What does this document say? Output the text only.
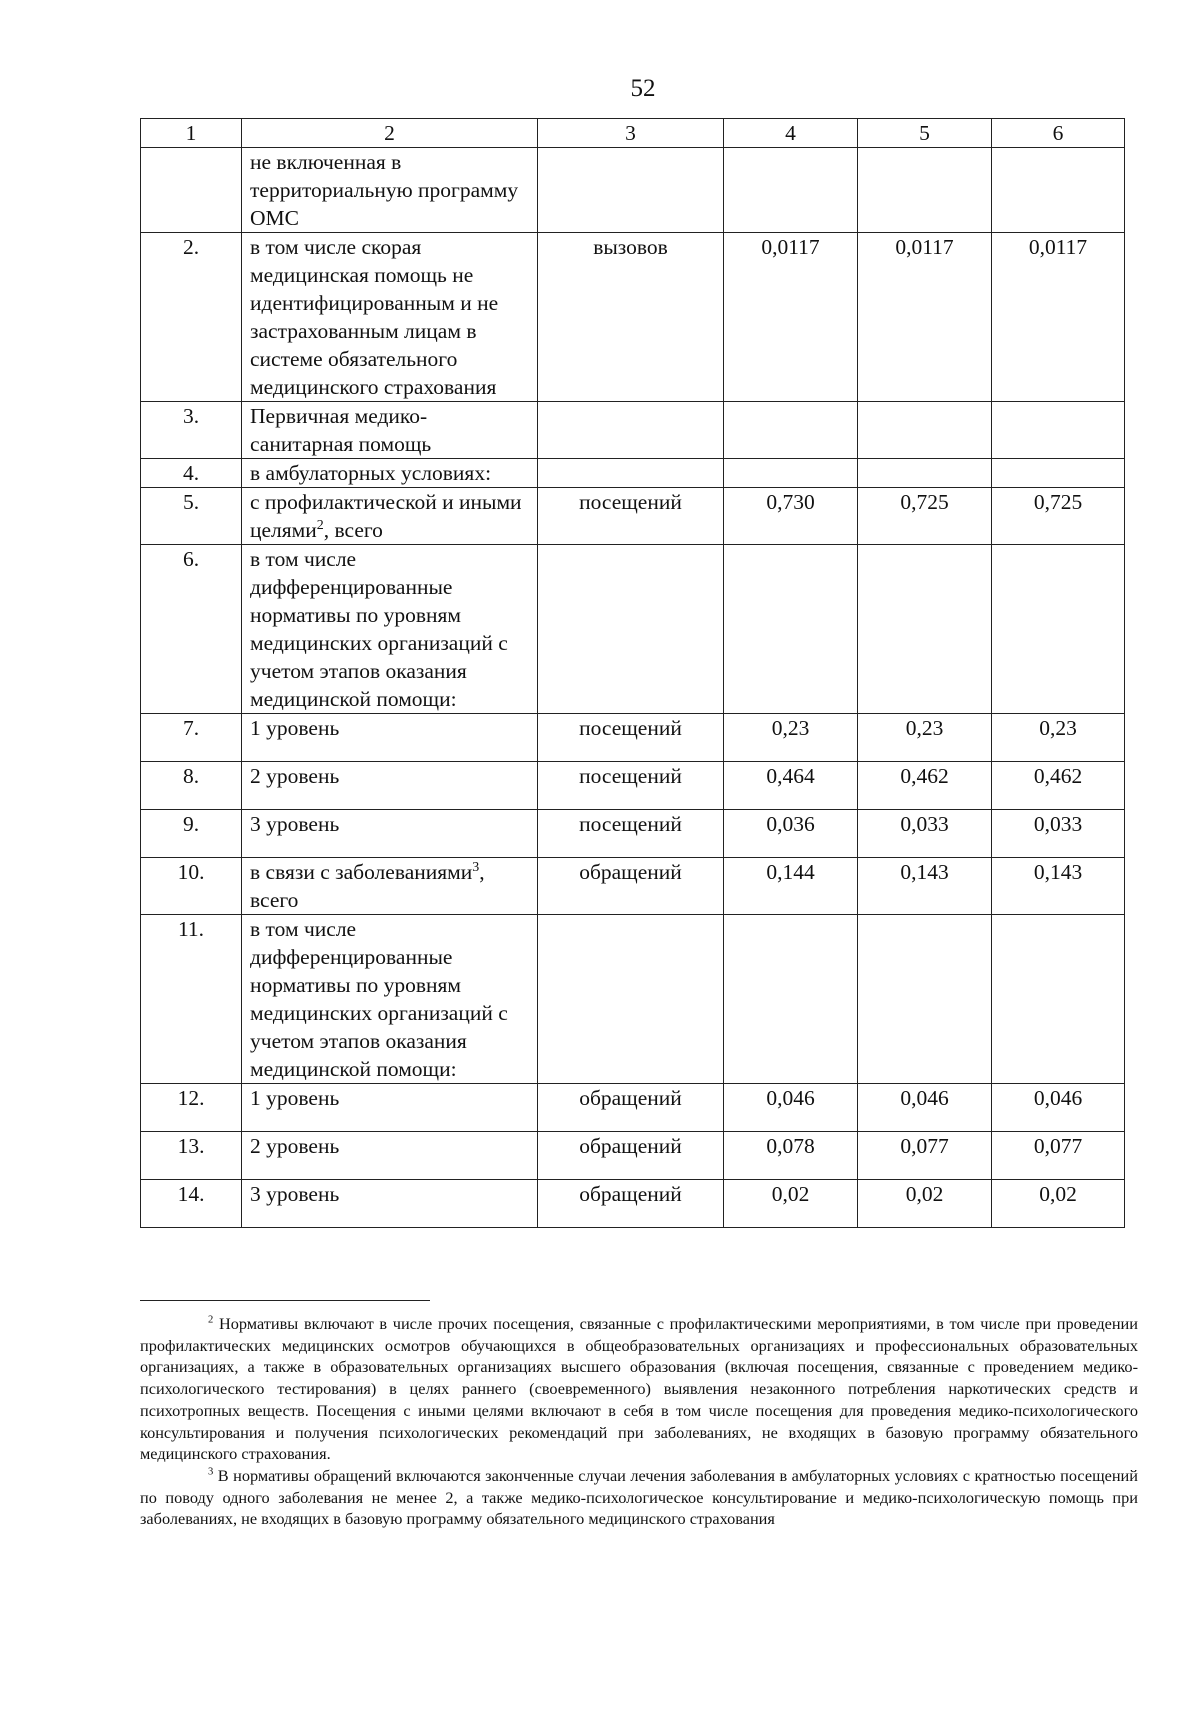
52
1	2	3	4	5	6
	не включенная в территориальную программу ОМС				
2.	в том числе скорая медицинская помощь не идентифицированным и не застрахованным лицам в системе обязательного медицинского страхования	вызовов	0,0117	0,0117	0,0117
3.	Первичная медико-санитарная помощь				
4.	в амбулаторных условиях:				
5.	с профилактической и иными целями$^2$, всего	посещений	0,730	0,725	0,725
6.	в том числе дифференцированные нормативы по уровням медицинских организаций с учетом этапов оказания медицинской помощи:				
7.	1 уровень	посещений	0,23	0,23	0,23
8.	2 уровень	посещений	0,464	0,462	0,462
9.	3 уровень	посещений	0,036	0,033	0,033
10.	в связи с заболеваниями$^3$, всего	обращений	0,144	0,143	0,143
11.	в том числе дифференцированные нормативы по уровням медицинских организаций с учетом этапов оказания медицинской помощи:				
12.	1 уровень	обращений	0,046	0,046	0,046
13.	2 уровень	обращений	0,078	0,077	0,077
14.	3 уровень	обращений	0,02	0,02	0,02

$^2$ Нормативы включают в числе прочих посещения, связанные с профилактическими мероприятиями, в том числе при проведении профилактических медицинских осмотров обучающихся в общеобразовательных организациях и профессиональных образовательных организациях, а также в образовательных организациях высшего образования (включая посещения, связанные с проведением медико-психологического тестирования) в целях раннего (своевременного) выявления незаконного потребления наркотических средств и психотропных веществ. Посещения с иными целями включают в себя в том числе посещения для проведения медико-психологического консультирования и получения психологических рекомендаций при заболеваниях, не входящих в базовую программу обязательного медицинского страхования.

$^3$ В нормативы обращений включаются законченные случаи лечения заболевания в амбулаторных условиях с кратностью посещений по поводу одного заболевания не менее 2, а также медико-психологическое консультирование и медико-психологическую помощь при заболеваниях, не входящих в базовую программу обязательного медицинского страхования
